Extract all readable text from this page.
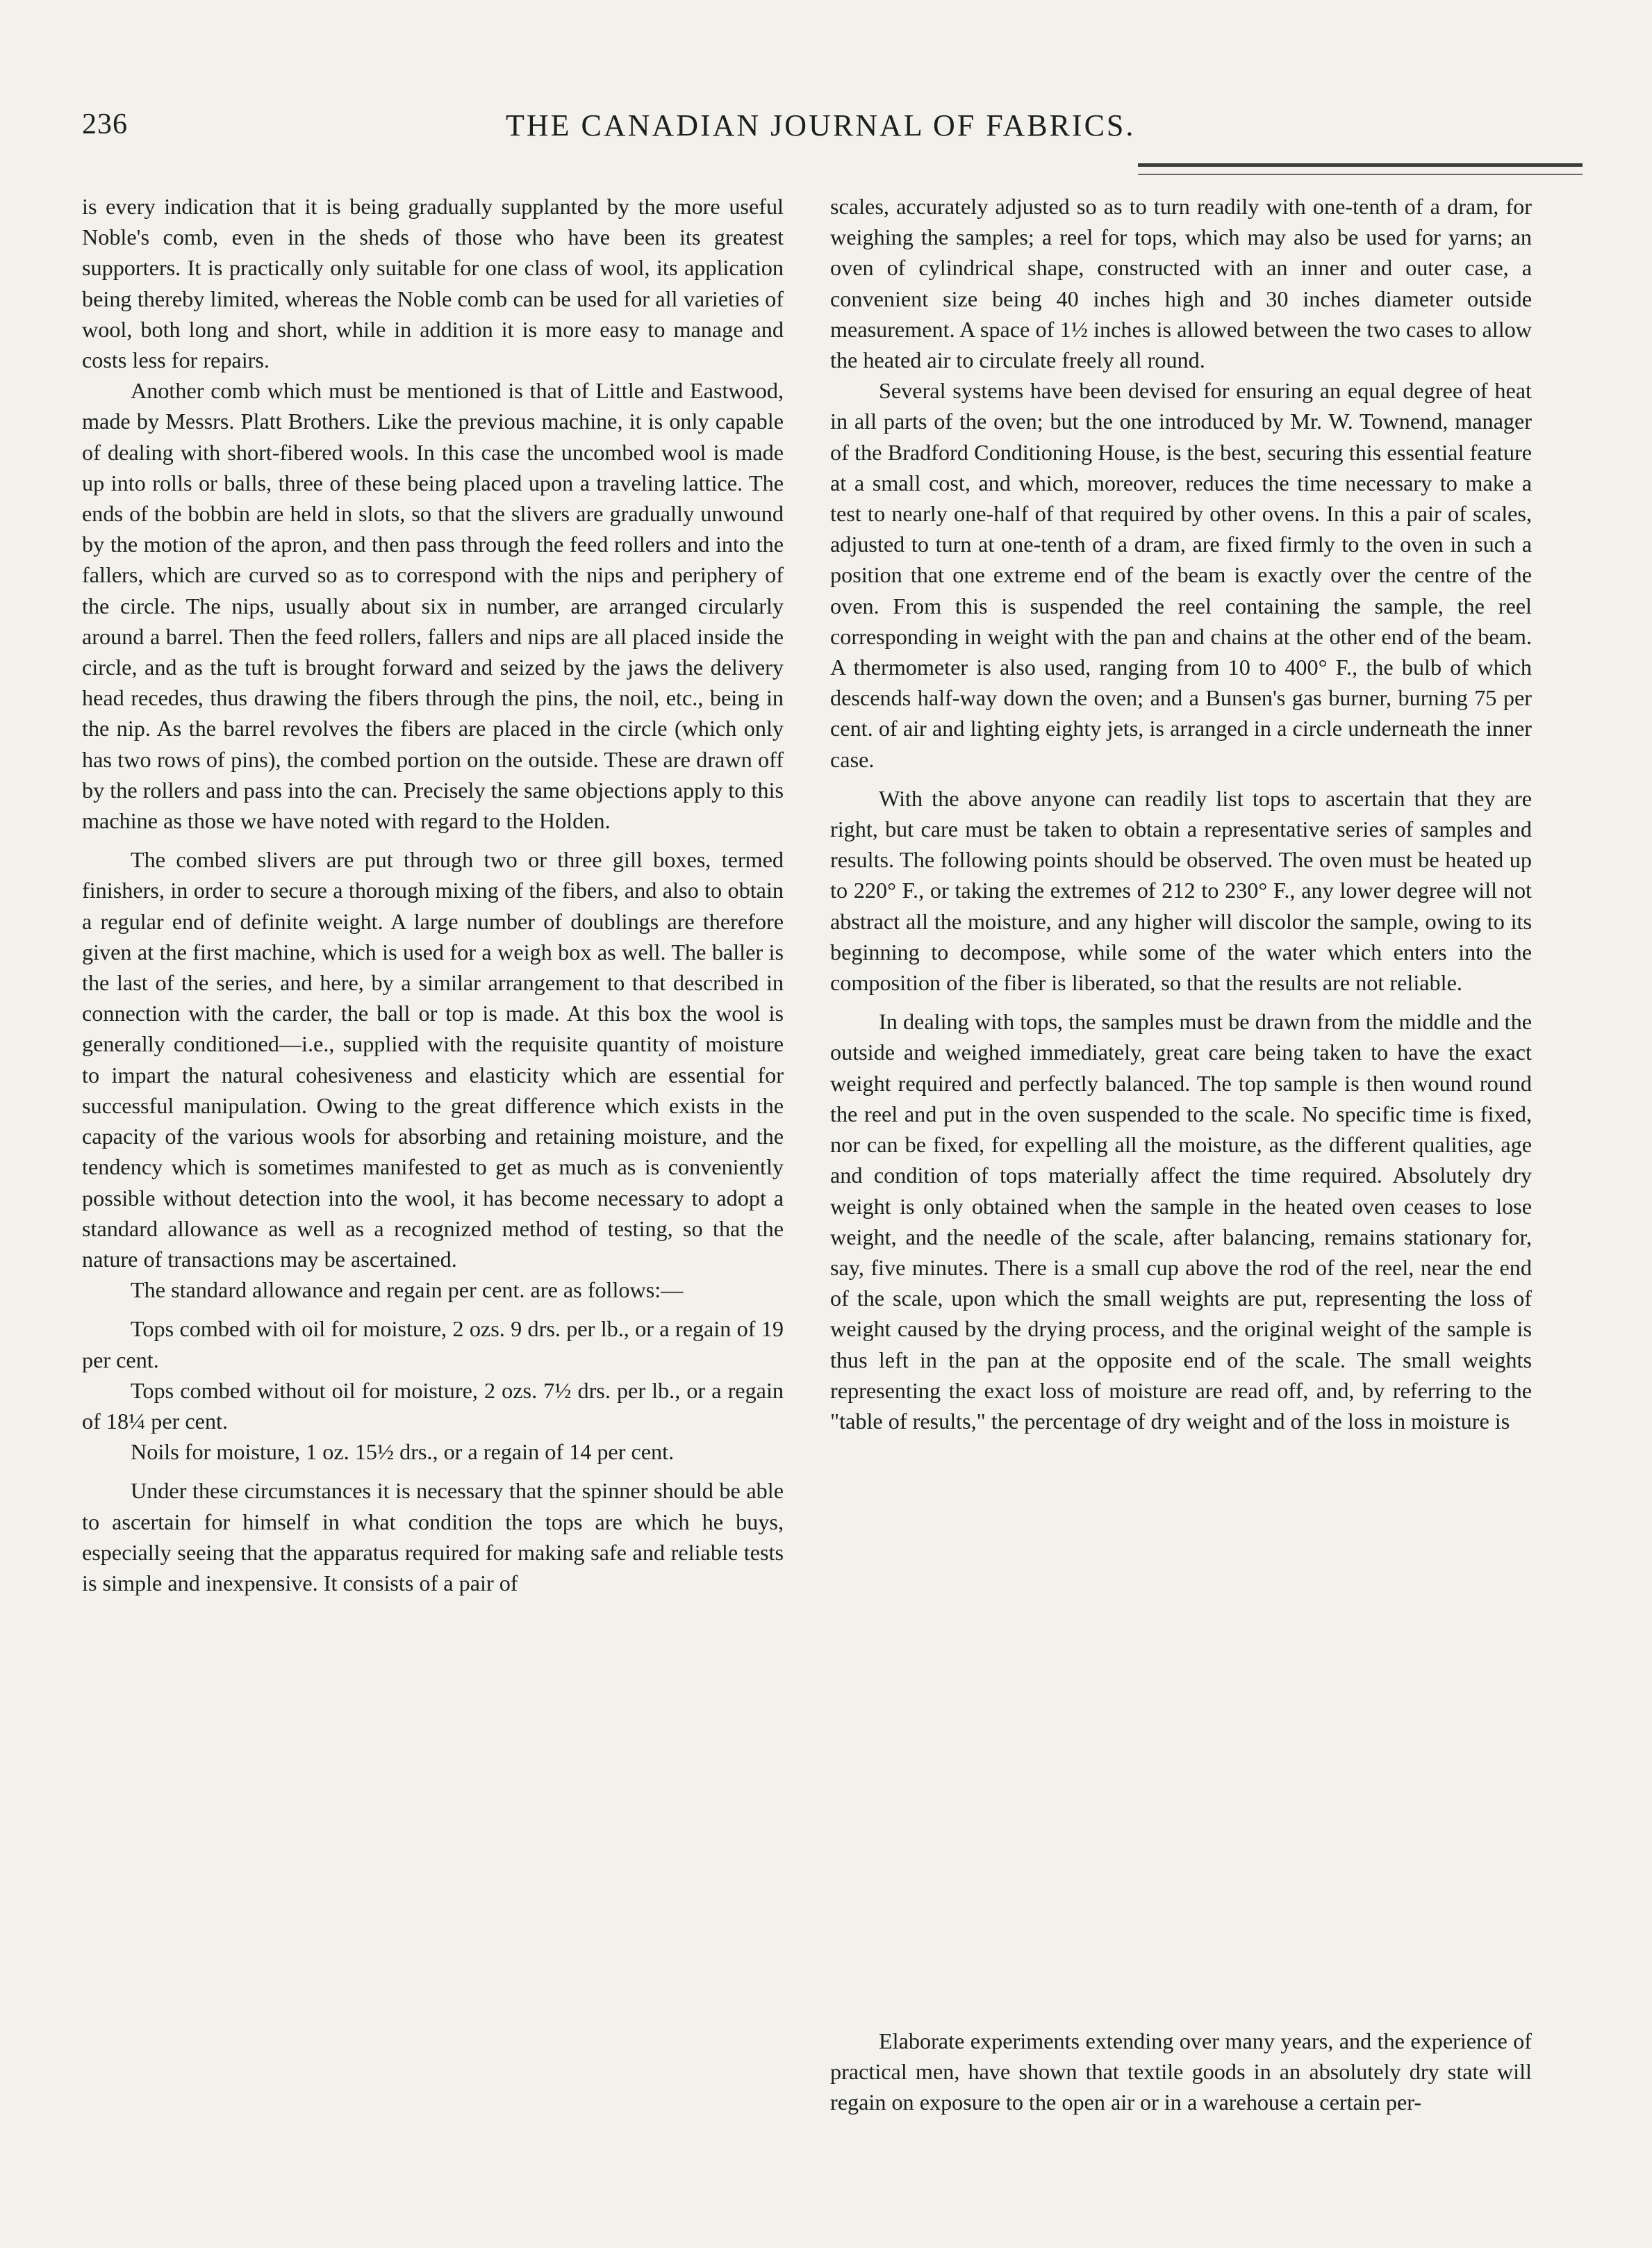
236	THE CANADIAN JOURNAL OF FABRICS.

is every indication that it is being gradually supplanted by the more useful Noble's comb, even in the sheds of those who have been its greatest supporters. It is practically only suitable for one class of wool, its application being thereby limited, whereas the Noble comb can be used for all varieties of wool, both long and short, while in addition it is more easy to manage and costs less for repairs.

Another comb which must be mentioned is that of Little and Eastwood, made by Messrs. Platt Brothers. Like the previous machine, it is only capable of dealing with short-fibered wools. In this case the uncombed wool is made up into rolls or balls, three of these being placed upon a traveling lattice. The ends of the bobbin are held in slots, so that the slivers are gradually unwound by the motion of the apron, and then pass through the feed rollers and into the fallers, which are curved so as to correspond with the nips and periphery of the circle. The nips, usually about six in number, are arranged circularly around a barrel. Then the feed rollers, fallers and nips are all placed inside the circle, and as the tuft is brought forward and seized by the jaws the delivery head recedes, thus drawing the fibers through the pins, the noil, etc., being in the nip. As the barrel revolves the fibers are placed in the circle (which only has two rows of pins), the combed portion on the outside. These are drawn off by the rollers and pass into the can. Precisely the same objections apply to this machine as those we have noted with regard to the Holden.

The combed slivers are put through two or three gill boxes, termed finishers, in order to secure a thorough mixing of the fibers, and also to obtain a regular end of definite weight. A large number of doublings are therefore given at the first machine, which is used for a weigh box as well. The baller is the last of the series, and here, by a similar arrangement to that described in connection with the carder, the ball or top is made. At this box the wool is generally conditioned—i.e., supplied with the requisite quantity of moisture to impart the natural cohesiveness and elasticity which are essential for successful manipulation. Owing to the great difference which exists in the capacity of the various wools for absorbing and retaining moisture, and the tendency which is sometimes manifested to get as much as is conveniently possible without detection into the wool, it has become necessary to adopt a standard allowance as well as a recognized method of testing, so that the nature of transactions may be ascertained.

The standard allowance and regain per cent. are as follows:—

Tops combed with oil for moisture, 2 ozs. 9 drs. per lb., or a regain of 19 per cent.

Tops combed without oil for moisture, 2 ozs. 7½ drs. per lb., or a regain of 18¼ per cent.

Noils for moisture, 1 oz. 15½ drs., or a regain of 14 per cent.

Under these circumstances it is necessary that the spinner should be able to ascertain for himself in what condition the tops are which he buys, especially seeing that the apparatus required for making safe and reliable tests is simple and inexpensive. It consists of a pair of

scales, accurately adjusted so as to turn readily with one-tenth of a dram, for weighing the samples; a reel for tops, which may also be used for yarns; an oven of cylindrical shape, constructed with an inner and outer case, a convenient size being 40 inches high and 30 inches diameter outside measurement. A space of 1½ inches is allowed between the two cases to allow the heated air to circulate freely all round.

Several systems have been devised for ensuring an equal degree of heat in all parts of the oven; but the one introduced by Mr. W. Townend, manager of the Bradford Conditioning House, is the best, securing this essential feature at a small cost, and which, moreover, reduces the time necessary to make a test to nearly one-half of that required by other ovens. In this a pair of scales, adjusted to turn at one-tenth of a dram, are fixed firmly to the oven in such a position that one extreme end of the beam is exactly over the centre of the oven. From this is suspended the reel containing the sample, the reel corresponding in weight with the pan and chains at the other end of the beam. A thermometer is also used, ranging from 10 to 400° F., the bulb of which descends half-way down the oven; and a Bunsen's gas burner, burning 75 per cent. of air and lighting eighty jets, is arranged in a circle underneath the inner case.

With the above anyone can readily list tops to ascertain that they are right, but care must be taken to obtain a representative series of samples and results. The following points should be observed. The oven must be heated up to 220° F., or taking the extremes of 212 to 230° F., any lower degree will not abstract all the moisture, and any higher will discolor the sample, owing to its beginning to decompose, while some of the water which enters into the composition of the fiber is liberated, so that the results are not reliable.

In dealing with tops, the samples must be drawn from the middle and the outside and weighed immediately, great care being taken to have the exact weight required and perfectly balanced. The top sample is then wound round the reel and put in the oven suspended to the scale. No specific time is fixed, nor can be fixed, for expelling all the moisture, as the different qualities, age and condition of tops materially affect the time required. Absolutely dry weight is only obtained when the sample in the heated oven ceases to lose weight, and the needle of the scale, after balancing, remains stationary for, say, five minutes. There is a small cup above the rod of the reel, near the end of the scale, upon which the small weights are put, representing the loss of weight caused by the drying process, and the original weight of the sample is thus left in the pan at the opposite end of the scale. The small weights representing the exact loss of moisture are read off, and, by referring to the "table of results," the percentage of dry weight and of the loss in moisture is

Elaborate experiments extending over many years, and the experience of practical men, have shown that textile goods in an absolutely dry state will regain on exposure to the open air or in a warehouse a certain per-
